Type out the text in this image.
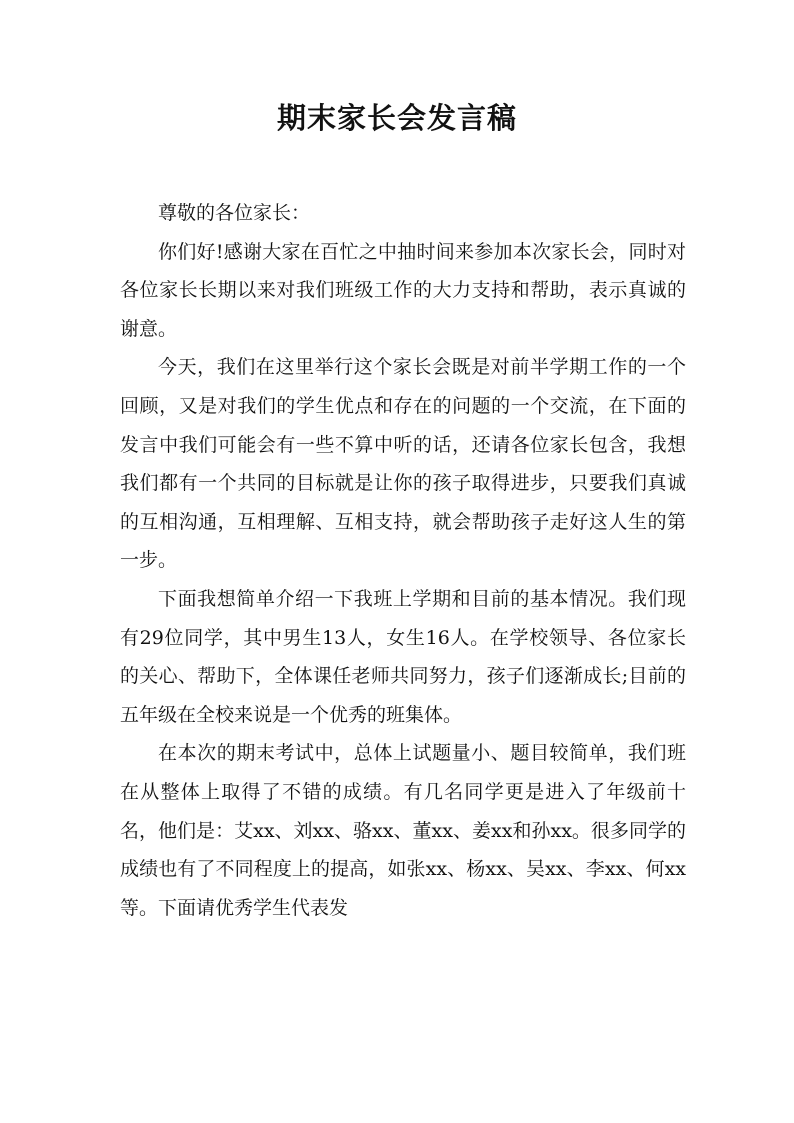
期末家长会发言稿

尊敬的各位家长：

你们好!感谢大家在百忙之中抽时间来参加本次家长会，同时对各位家长长期以来对我们班级工作的大力支持和帮助，表示真诚的谢意。

今天，我们在这里举行这个家长会既是对前半学期工作的一个回顾，又是对我们的学生优点和存在的问题的一个交流，在下面的发言中我们可能会有一些不算中听的话，还请各位家长包含，我想我们都有一个共同的目标就是让你的孩子取得进步，只要我们真诚的互相沟通，互相理解、互相支持，就会帮助孩子走好这人生的第一步。

下面我想简单介绍一下我班上学期和目前的基本情况。我们现有29位同学，其中男生13人，女生16人。在学校领导、各位家长的关心、帮助下，全体课任老师共同努力，孩子们逐渐成长;目前的五年级在全校来说是一个优秀的班集体。

在本次的期末考试中，总体上试题量小、题目较简单，我们班在从整体上取得了不错的成绩。有几名同学更是进入了年级前十名，他们是：艾xx、刘xx、骆xx、董xx、姜xx和孙xx。很多同学的成绩也有了不同程度上的提高，如张xx、杨xx、吴xx、李xx、何xx等。下面请优秀学生代表发
